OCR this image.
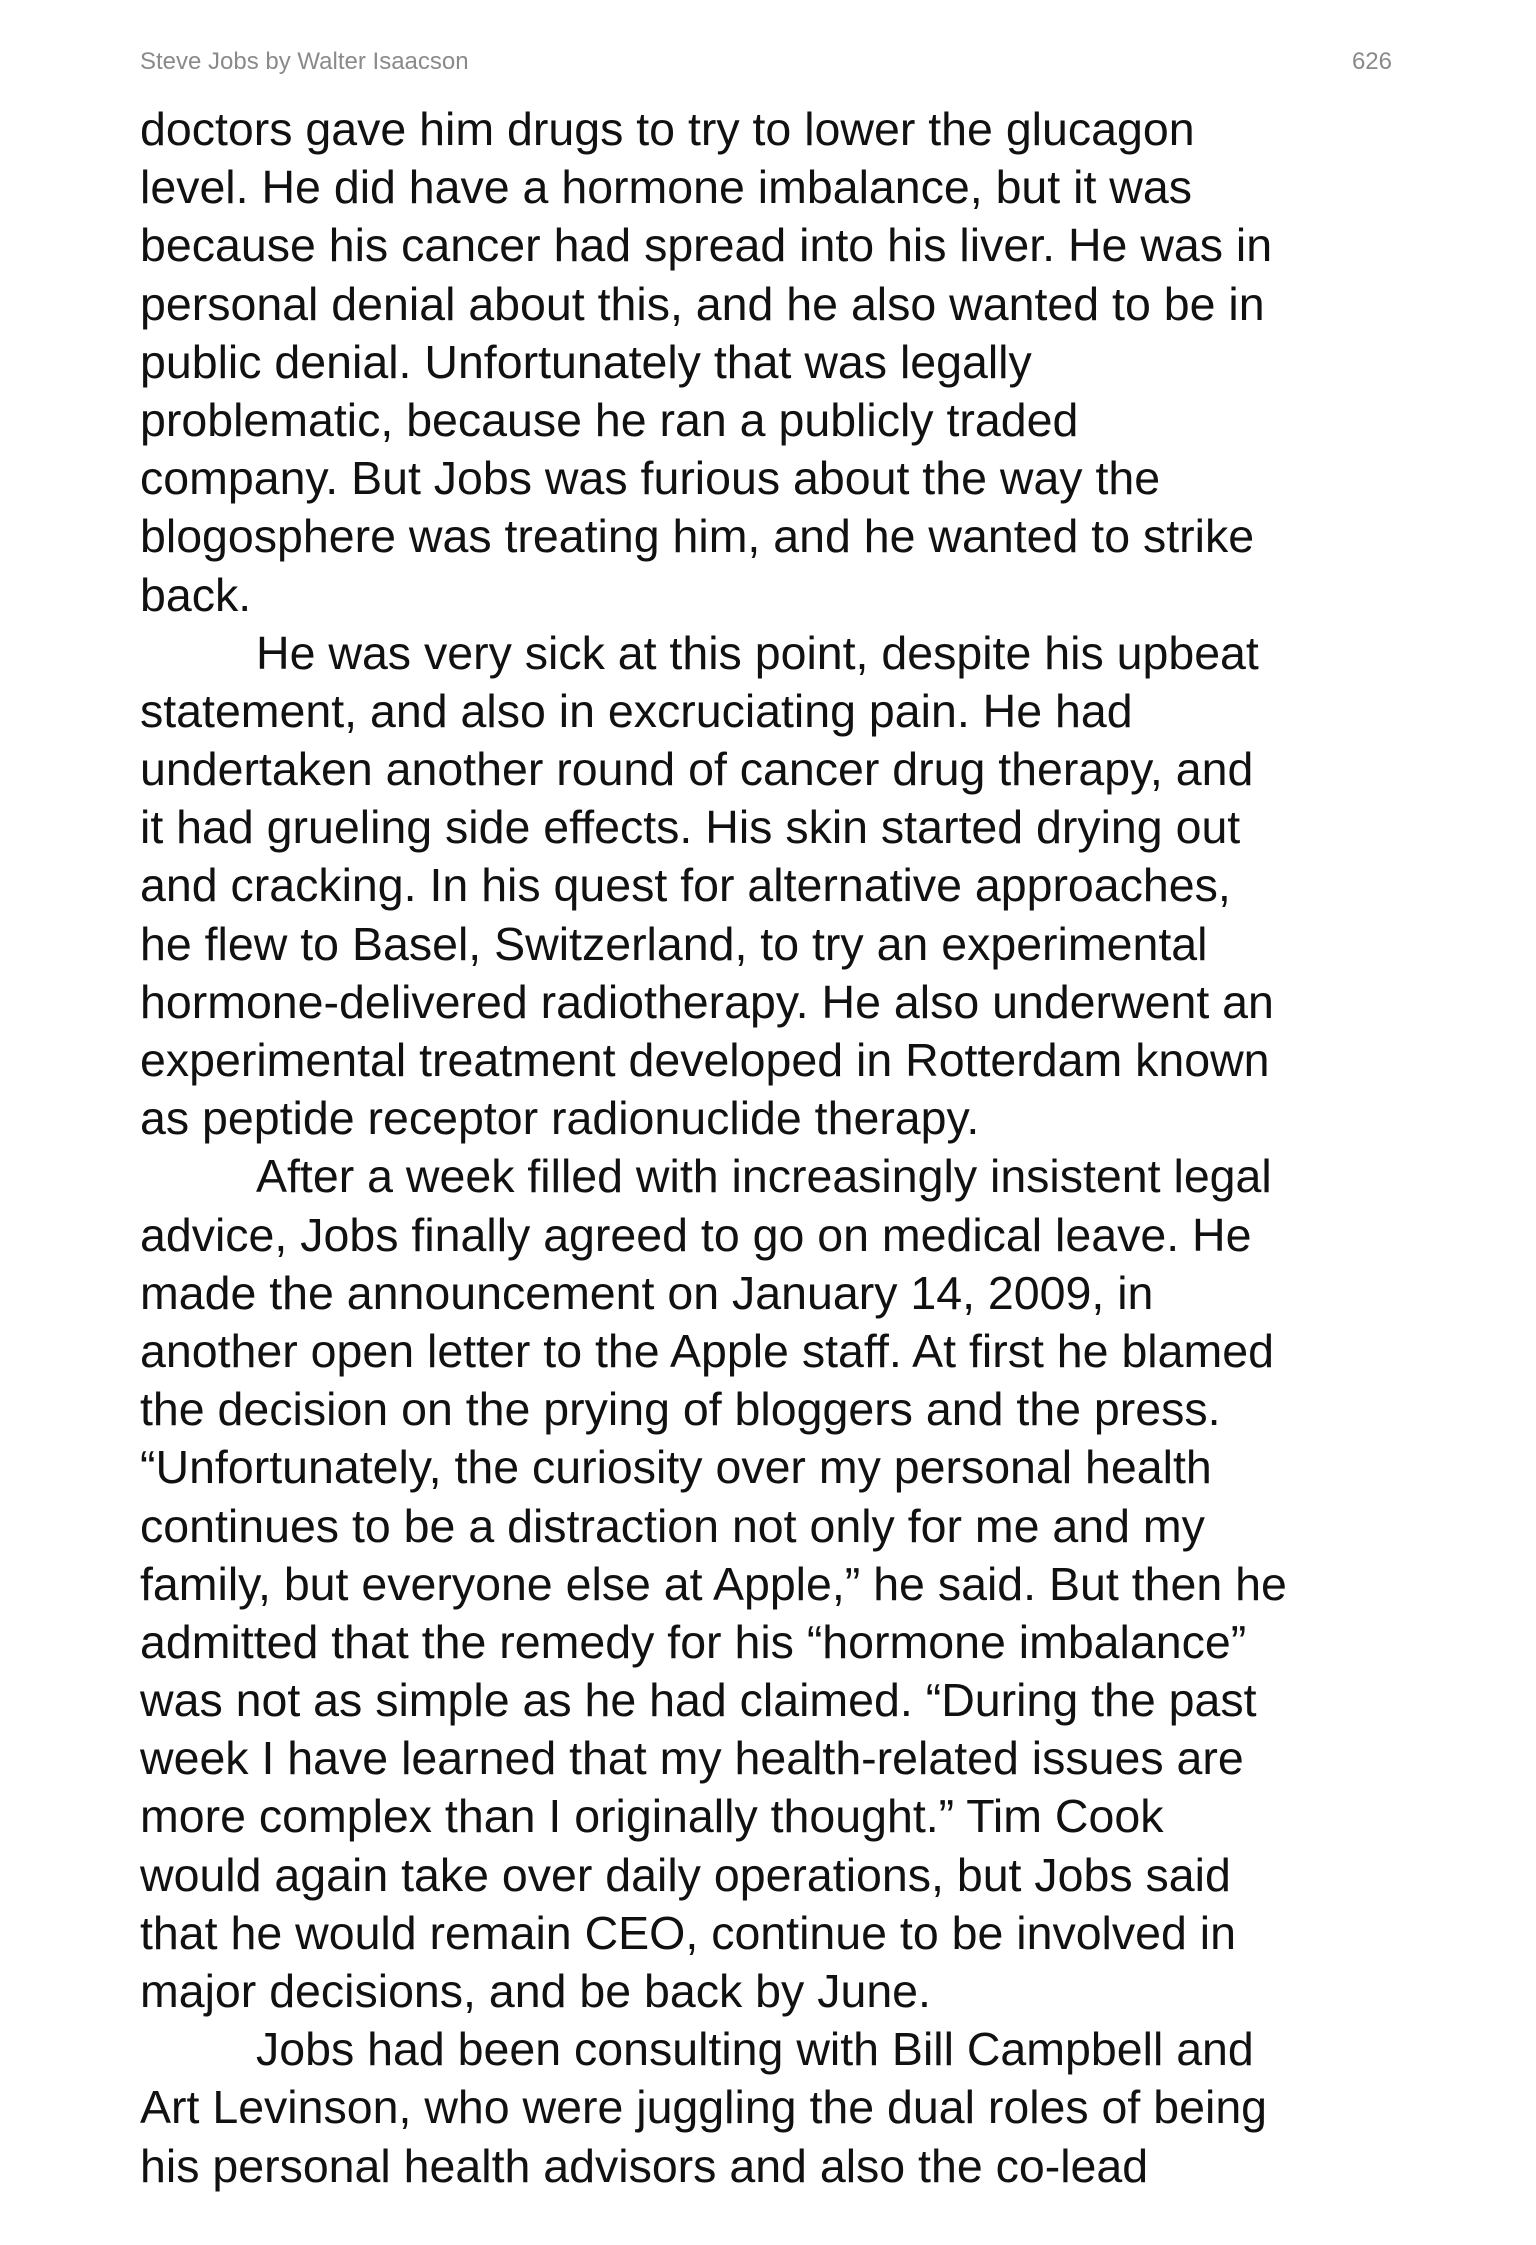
Steve Jobs by Walter Isaacson	626
doctors gave him drugs to try to lower the glucagon
level. He did have a hormone imbalance, but it was
because his cancer had spread into his liver. He was in
personal denial about this, and he also wanted to be in
public denial. Unfortunately that was legally
problematic, because he ran a publicly traded
company. But Jobs was furious about the way the
blogosphere was treating him, and he wanted to strike
back.
He was very sick at this point, despite his upbeat
statement, and also in excruciating pain. He had
undertaken another round of cancer drug therapy, and
it had grueling side effects. His skin started drying out
and cracking. In his quest for alternative approaches,
he flew to Basel, Switzerland, to try an experimental
hormone-delivered radiotherapy. He also underwent an
experimental treatment developed in Rotterdam known
as peptide receptor radionuclide therapy.
After a week filled with increasingly insistent legal
advice, Jobs finally agreed to go on medical leave. He
made the announcement on January 14, 2009, in
another open letter to the Apple staff. At first he blamed
the decision on the prying of bloggers and the press.
“Unfortunately, the curiosity over my personal health
continues to be a distraction not only for me and my
family, but everyone else at Apple,” he said. But then he
admitted that the remedy for his “hormone imbalance”
was not as simple as he had claimed. “During the past
week I have learned that my health-related issues are
more complex than I originally thought.” Tim Cook
would again take over daily operations, but Jobs said
that he would remain CEO, continue to be involved in
major decisions, and be back by June.
Jobs had been consulting with Bill Campbell and
Art Levinson, who were juggling the dual roles of being
his personal health advisors and also the co-lead
